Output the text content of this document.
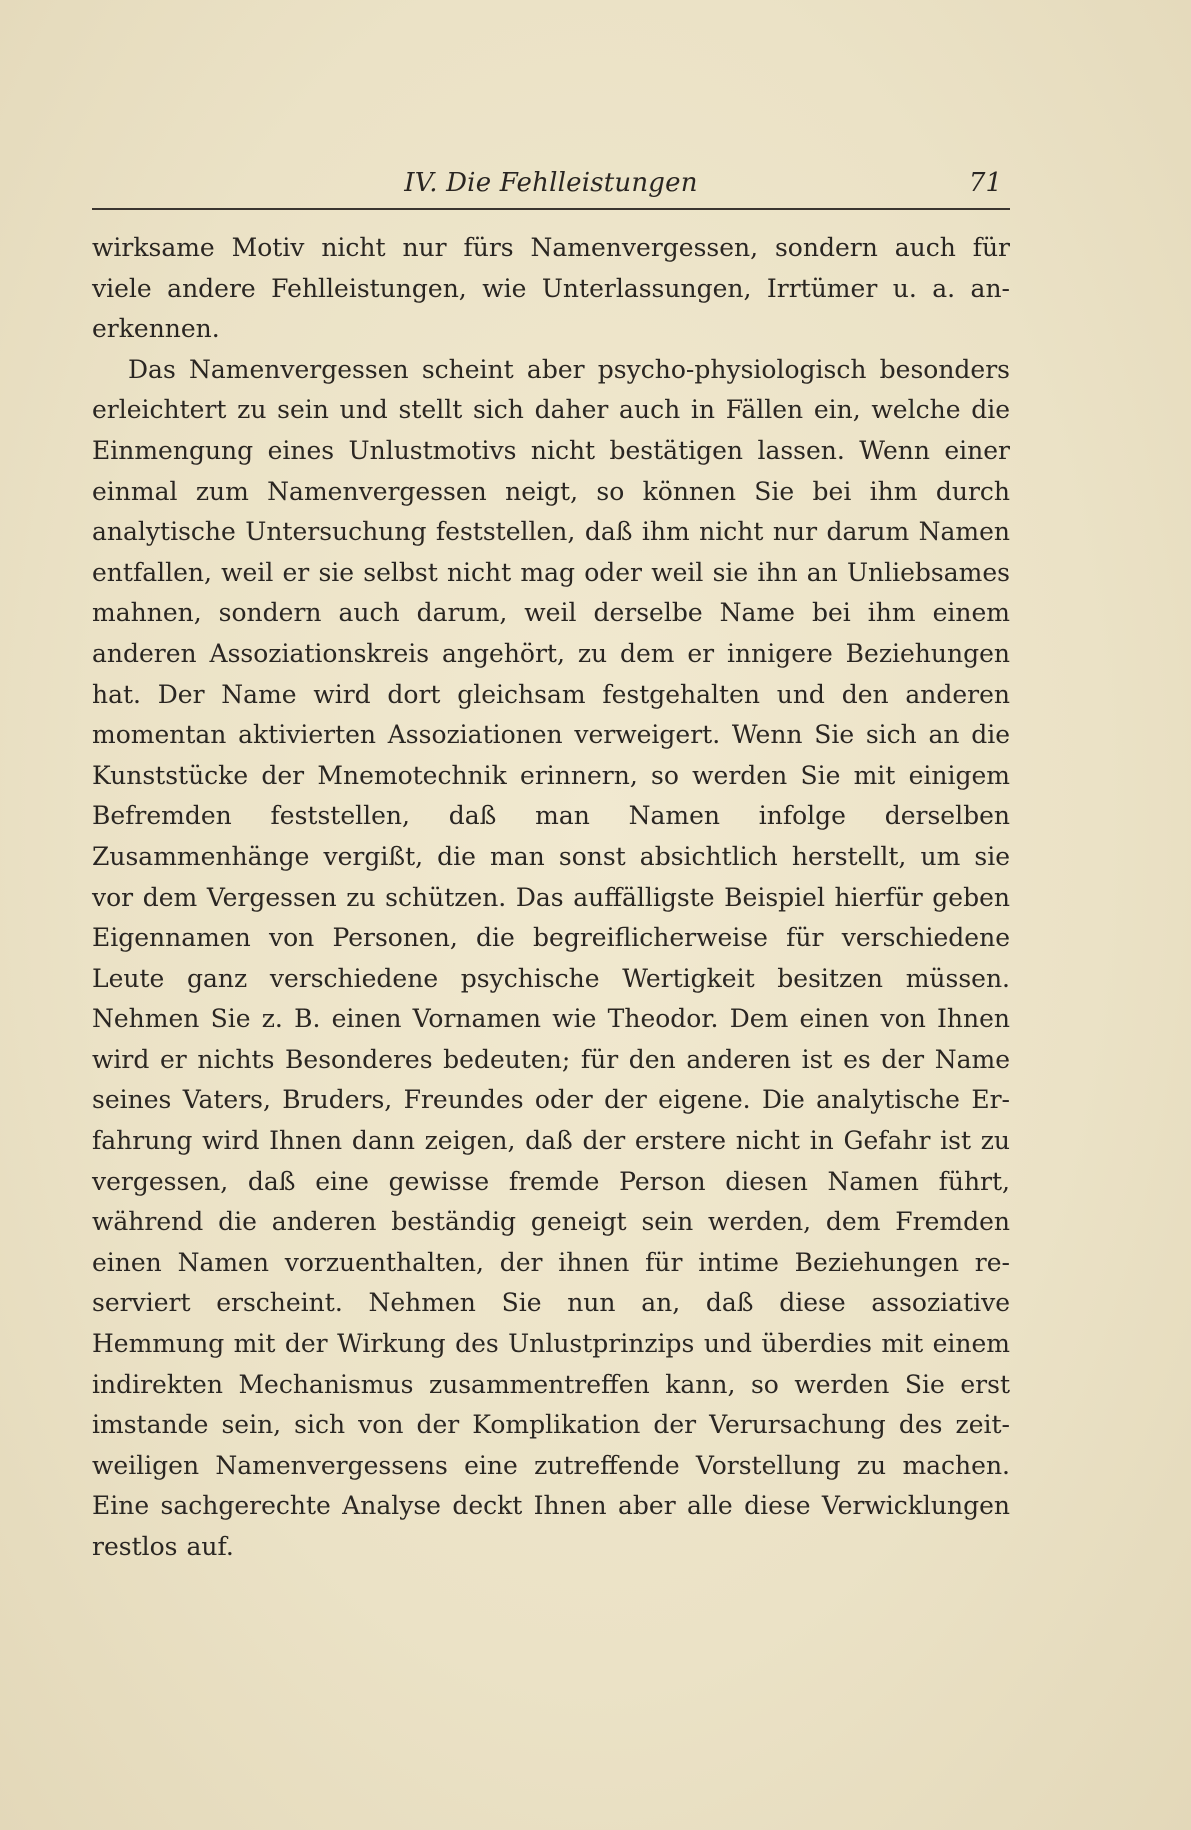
IV. Die Fehlleistungen	71

wirksame Motiv nicht nur fürs Namenvergessen, sondern auch für viele andere Fehlleistungen, wie Unterlassungen, Irrtümer u. a. anerkennen.

Das Namenvergessen scheint aber psycho-physiologisch besonders erleichtert zu sein und stellt sich daher auch in Fällen ein, welche die Einmengung eines Unlustmotivs nicht bestätigen lassen. Wenn einer einmal zum Namenvergessen neigt, so können Sie bei ihm durch analytische Untersuchung feststellen, daß ihm nicht nur darum Namen entfallen, weil er sie selbst nicht mag oder weil sie ihn an Unliebsames mahnen, sondern auch darum, weil derselbe Name bei ihm einem anderen Assoziationskreis angehört, zu dem er innigere Beziehungen hat. Der Name wird dort gleichsam festgehalten und den anderen momentan aktivierten Assoziationen verweigert. Wenn Sie sich an die Kunststücke der Mnemotechnik erinnern, so werden Sie mit einigem Befremden feststellen, daß man Namen infolge derselben Zusammenhänge vergißt, die man sonst absichtlich herstellt, um sie vor dem Vergessen zu schützen. Das auffälligste Beispiel hierfür geben Eigennamen von Personen, die begreiflicherweise für verschiedene Leute ganz verschiedene psychische Wertigkeit besitzen müssen. Nehmen Sie z. B. einen Vornamen wie Theodor. Dem einen von Ihnen wird er nichts Besonderes bedeuten; für den anderen ist es der Name seines Vaters, Bruders, Freundes oder der eigene. Die analytische Erfahrung wird Ihnen dann zeigen, daß der erstere nicht in Gefahr ist zu vergessen, daß eine gewisse fremde Person diesen Namen führt, während die anderen beständig geneigt sein werden, dem Fremden einen Namen vorzuenthalten, der ihnen für intime Beziehungen reserviert erscheint. Nehmen Sie nun an, daß diese assoziative Hemmung mit der Wirkung des Unlustprinzips und überdies mit einem indirekten Mechanismus zusammentreffen kann, so werden Sie erst imstande sein, sich von der Komplikation der Verursachung des zeitweiligen Namenvergessens eine zutreffende Vorstellung zu machen. Eine sachgerechte Analyse deckt Ihnen aber alle diese Verwicklungen restlos auf.
